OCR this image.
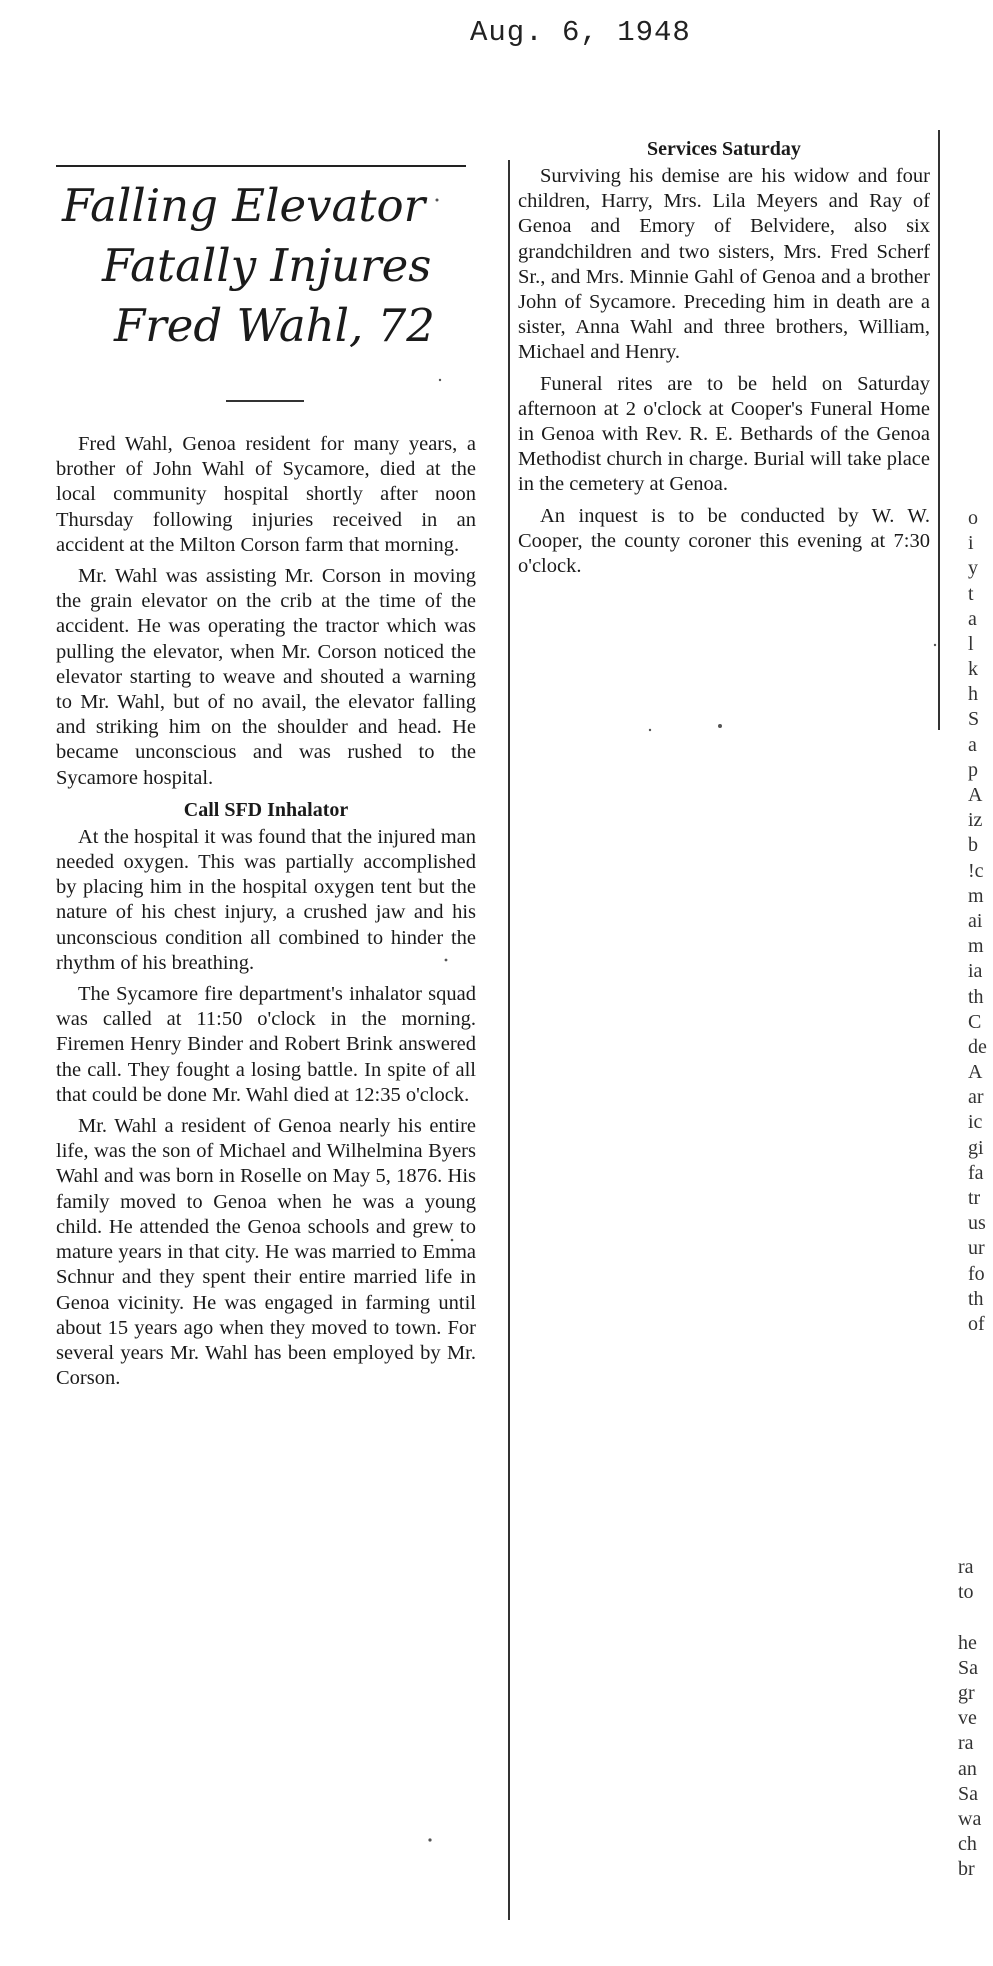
Aug. 6, 1948
Falling Elevator
Fatally Injures
Fred Wahl, 72

Fred Wahl, Genoa resident for many years, a brother of John Wahl of Sycamore, died at the local community hospital shortly after noon Thursday following injuries received in an accident at the Milton Corson farm that morning.

Mr. Wahl was assisting Mr. Corson in moving the grain elevator on the crib at the time of the accident. He was operating the tractor which was pulling the elevator, when Mr. Corson noticed the elevator starting to weave and shouted a warning to Mr. Wahl, but of no avail, the elevator falling and striking him on the shoulder and head. He became unconscious and was rushed to the Sycamore hospital.

Call SFD Inhalator

At the hospital it was found that the injured man needed oxygen. This was partially accomplished by placing him in the hospital oxygen tent but the nature of his chest injury, a crushed jaw and his unconscious condition all combined to hinder the rhythm of his breathing.

The Sycamore fire department's inhalator squad was called at 11:50 o'clock in the morning. Firemen Henry Binder and Robert Brink answered the call. They fought a losing battle. In spite of all that could be done Mr. Wahl died at 12:35 o'clock.

Mr. Wahl a resident of Genoa nearly his entire life, was the son of Michael and Wilhelmina Byers Wahl and was born in Roselle on May 5, 1876. His family moved to Genoa when he was a young child. He attended the Genoa schools and grew to mature years in that city. He was married to Emma Schnur and they spent their entire married life in Genoa vicinity. He was engaged in farming until about 15 years ago when they moved to town. For several years Mr. Wahl has been employed by Mr. Corson.

Services Saturday

Surviving his demise are his widow and four children, Harry, Mrs. Lila Meyers and Ray of Genoa and Emory of Belvidere, also six grandchildren and two sisters, Mrs. Fred Scherf Sr., and Mrs. Minnie Gahl of Genoa and a brother John of Sycamore. Preceding him in death are a sister, Anna Wahl and three brothers, William, Michael and Henry.

Funeral rites are to be held on Saturday afternoon at 2 o'clock at Cooper's Funeral Home in Genoa with Rev. R. E. Bethards of the Genoa Methodist church in charge. Burial will take place in the cemetery at Genoa.

An inquest is to be conducted by W. W. Cooper, the county coroner this evening at 7:30 o'clock.

o
i
y
t
a
l
k
h
S
a
p
A
iz
b
!c
m
ai
m
ia
th
C
de
A
ar
ic
gi
fa
tr
us
ur
fo
th
of
ra
to
he
Sa
gr
ve
ra
an
Sa
wa
ch
br
